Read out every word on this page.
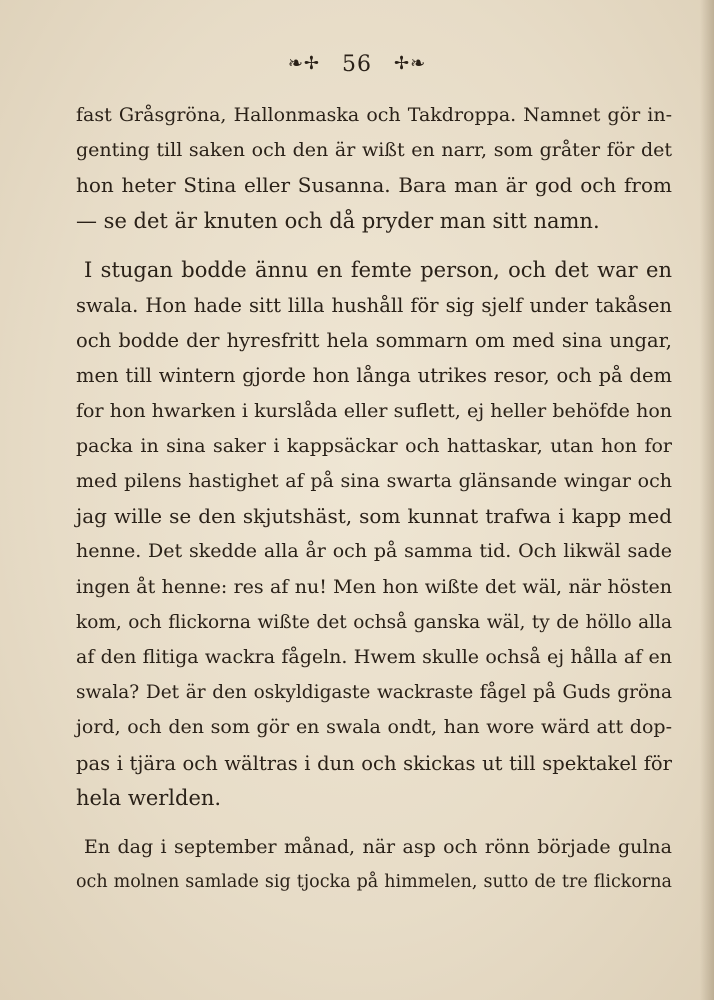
❧✢ 56 ✢❧
fast Gråsgröna, Hallonmaska och Takdroppa. Namnet gör in-
genting till saken och den är wißt en narr, som gråter för det
hon heter Stina eller Susanna. Bara man är god och from
— se det är knuten och då pryder man sitt namn.
I stugan bodde ännu en femte person, och det war en
swala. Hon hade sitt lilla hushåll för sig sjelf under takåsen
och bodde der hyresfritt hela sommarn om med sina ungar,
men till wintern gjorde hon långa utrikes resor, och på dem
for hon hwarken i kurslåda eller suflett, ej heller behöfde hon
packa in sina saker i kappsäckar och hattaskar, utan hon for
med pilens hastighet af på sina swarta glänsande wingar och
jag wille se den skjutshäst, som kunnat trafwa i kapp med
henne. Det skedde alla år och på samma tid. Och likwäl sade
ingen åt henne: res af nu! Men hon wißte det wäl, när hösten
kom, och flickorna wißte det ochså ganska wäl, ty de höllo alla
af den flitiga wackra fågeln. Hwem skulle ochså ej hålla af en
swala? Det är den oskyldigaste wackraste fågel på Guds gröna
jord, och den som gör en swala ondt, han wore wärd att dop-
pas i tjära och wältras i dun och skickas ut till spektakel för
hela werlden.
En dag i september månad, när asp och rönn började gulna
och molnen samlade sig tjocka på himmelen, sutto de tre flickorna
